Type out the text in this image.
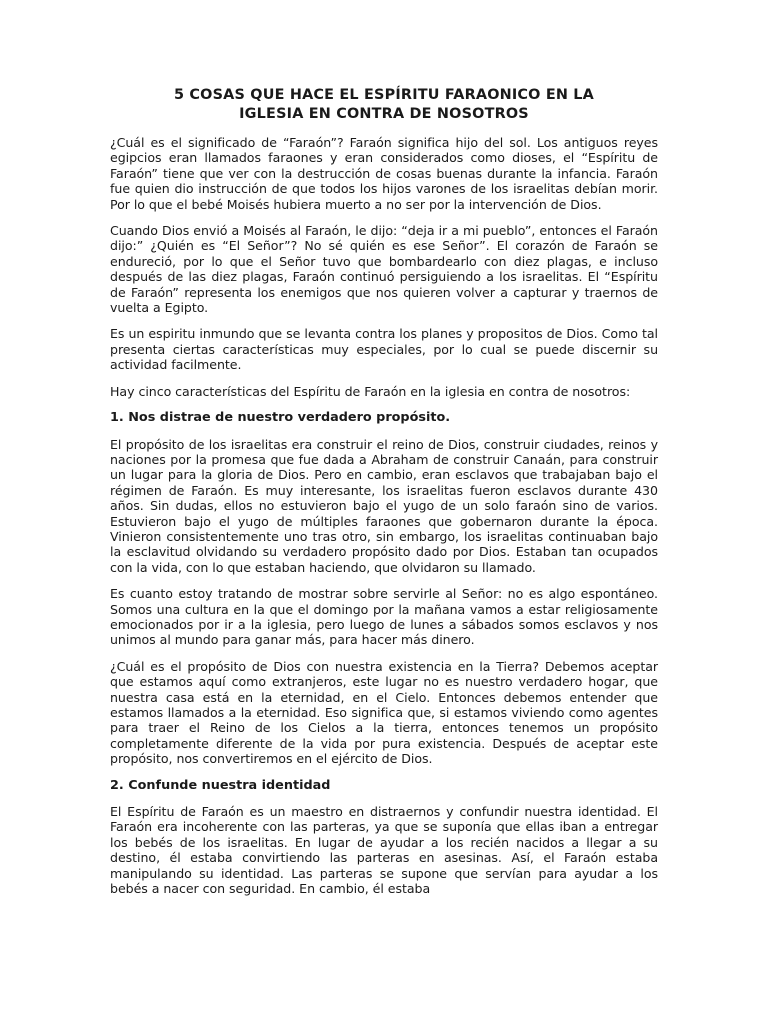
5 COSAS QUE HACE EL ESPÍRITU FARAONICO EN LA
IGLESIA EN CONTRA DE NOSOTROS

¿Cuál es el significado de “Faraón”? Faraón significa hijo del sol. Los antiguos reyes egipcios eran llamados faraones y eran considerados como dioses, el “Espíritu de Faraón” tiene que ver con la destrucción de cosas buenas durante la infancia. Faraón fue quien dio instrucción de que todos los hijos varones de los israelitas debían morir. Por lo que el bebé Moisés hubiera muerto a no ser por la intervención de Dios.

Cuando Dios envió a Moisés al Faraón, le dijo: “deja ir a mi pueblo”, entonces el Faraón dijo:” ¿Quién es “El Señor”? No sé quién es ese Señor”. El corazón de Faraón se endureció, por lo que el Señor tuvo que bombardearlo con diez plagas, e incluso después de las diez plagas, Faraón continuó persiguiendo a los israelitas. El “Espíritu de Faraón” representa los enemigos que nos quieren volver a capturar y traernos de vuelta a Egipto.

Es un espiritu inmundo que se levanta contra los planes y propositos de Dios. Como tal presenta ciertas características muy especiales, por lo cual se puede discernir su actividad facilmente.

Hay cinco características del Espíritu de Faraón en la iglesia en contra de nosotros:

1. Nos distrae de nuestro verdadero propósito.

El propósito de los israelitas era construir el reino de Dios, construir ciudades, reinos y naciones por la promesa que fue dada a Abraham de construir Canaán, para construir un lugar para la gloria de Dios. Pero en cambio, eran esclavos que trabajaban bajo el régimen de Faraón. Es muy interesante, los israelitas fueron esclavos durante 430 años. Sin dudas, ellos no estuvieron bajo el yugo de un solo faraón sino de varios. Estuvieron bajo el yugo de múltiples faraones que gobernaron durante la época. Vinieron consistentemente uno tras otro, sin embargo, los israelitas continuaban bajo la esclavitud olvidando su verdadero propósito dado por Dios. Estaban tan ocupados con la vida, con lo que estaban haciendo, que olvidaron su llamado.

Es cuanto estoy tratando de mostrar sobre servirle al Señor: no es algo espontáneo. Somos una cultura en la que el domingo por la mañana vamos a estar religiosamente emocionados por ir a la iglesia, pero luego de lunes a sábados somos esclavos y nos unimos al mundo para ganar más, para hacer más dinero.

¿Cuál es el propósito de Dios con nuestra existencia en la Tierra? Debemos aceptar que estamos aquí como extranjeros, este lugar no es nuestro verdadero hogar, que nuestra casa está en la eternidad, en el Cielo. Entonces debemos entender que estamos llamados a la eternidad. Eso significa que, si estamos viviendo como agentes para traer el Reino de los Cielos a la tierra, entonces tenemos un propósito completamente diferente de la vida por pura existencia. Después de aceptar este propósito, nos convertiremos en el ejército de Dios.

2. Confunde nuestra identidad

El Espíritu de Faraón es un maestro en distraernos y confundir nuestra identidad. El Faraón era incoherente con las parteras, ya que se suponía que ellas iban a entregar los bebés de los israelitas. En lugar de ayudar a los recién nacidos a llegar a su destino, él estaba convirtiendo las parteras en asesinas. Así, el Faraón estaba manipulando su identidad. Las parteras se supone que servían para ayudar a los bebés a nacer con seguridad. En cambio, él estaba
